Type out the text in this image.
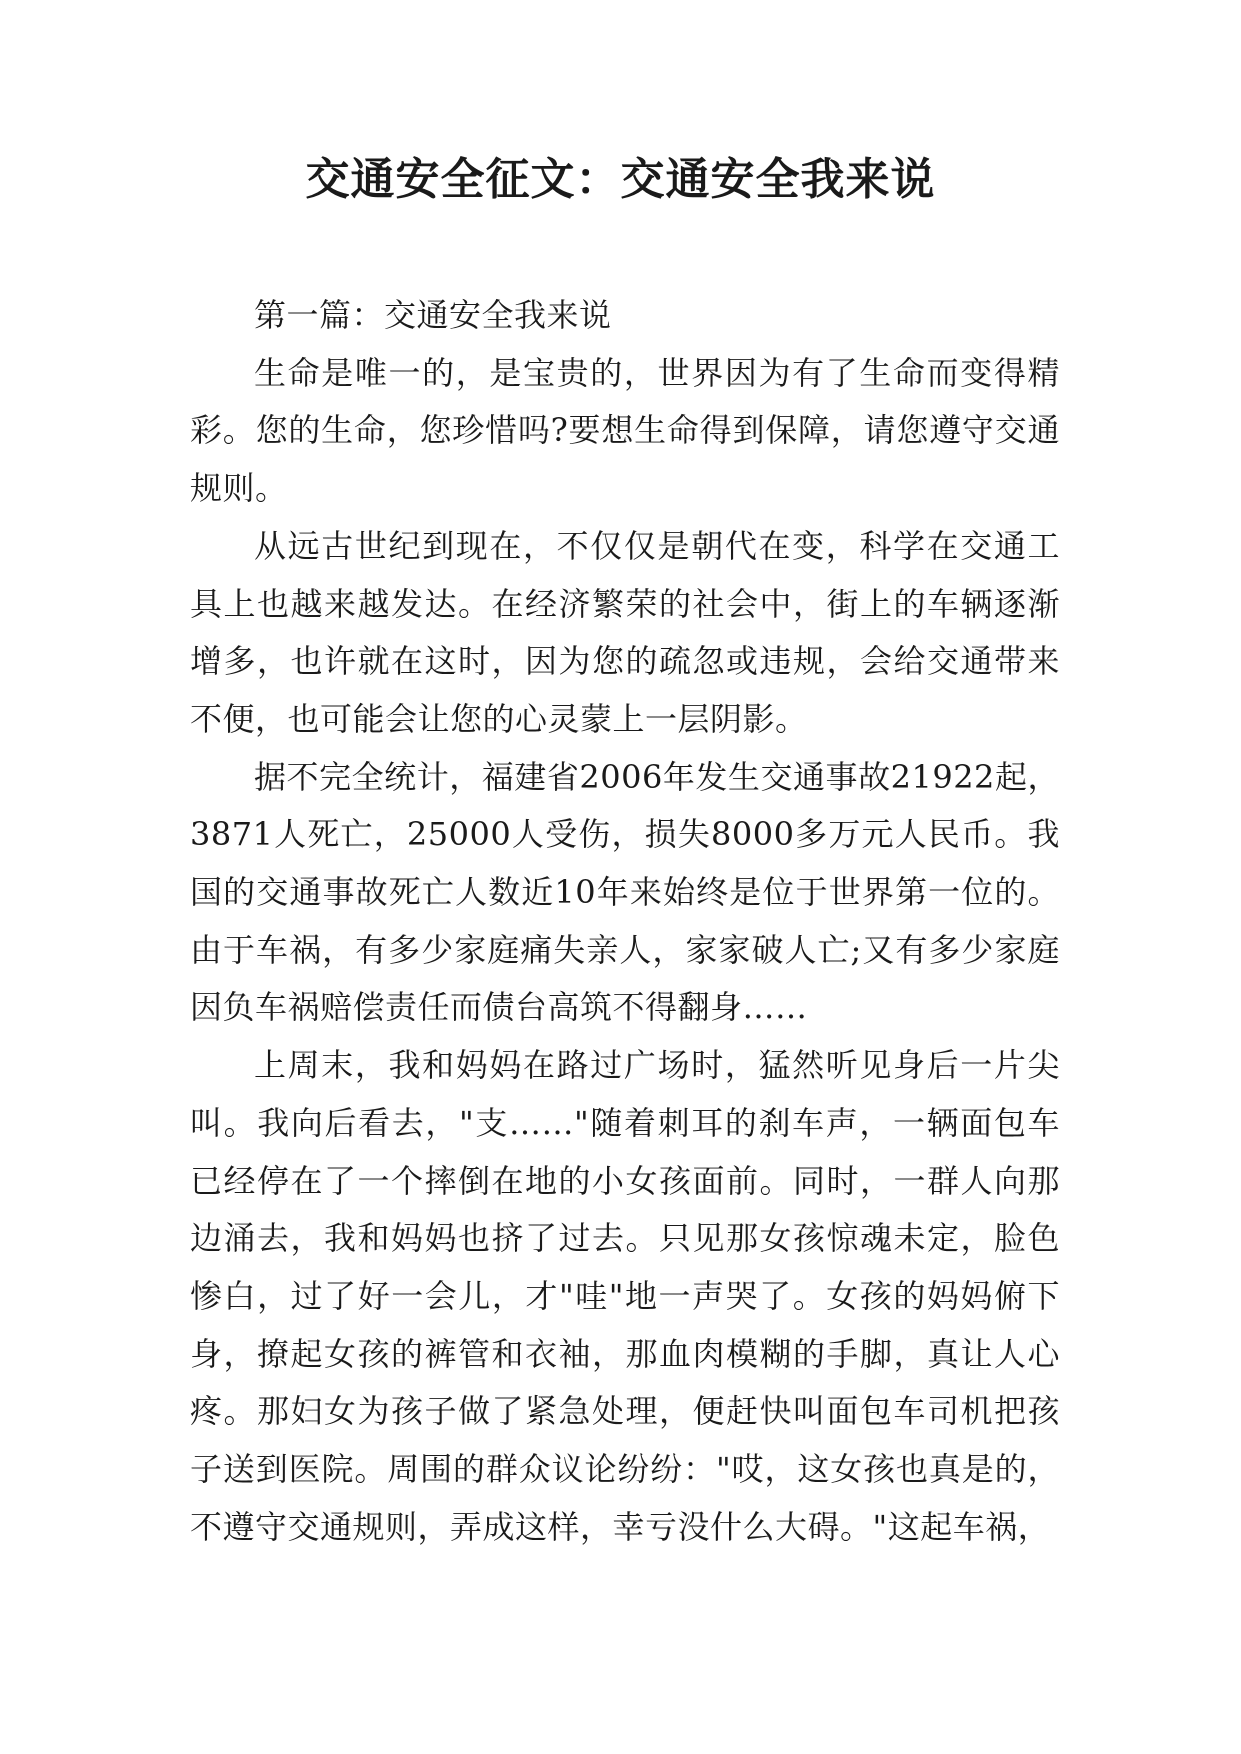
交通安全征文：交通安全我来说

第一篇：交通安全我来说

生命是唯一的，是宝贵的，世界因为有了生命而变得精彩。您的生命，您珍惜吗?要想生命得到保障，请您遵守交通规则。

从远古世纪到现在，不仅仅是朝代在变，科学在交通工具上也越来越发达。在经济繁荣的社会中，街上的车辆逐渐增多，也许就在这时，因为您的疏忽或违规，会给交通带来不便，也可能会让您的心灵蒙上一层阴影。

据不完全统计，福建省2006年发生交通事故21922起，3871人死亡，25000人受伤，损失8000多万元人民币。我国的交通事故死亡人数近10年来始终是位于世界第一位的。由于车祸，有多少家庭痛失亲人，家家破人亡;又有多少家庭因负车祸赔偿责任而债台高筑不得翻身……

上周末，我和妈妈在路过广场时，猛然听见身后一片尖叫。我向后看去，"支……"随着刺耳的刹车声，一辆面包车已经停在了一个摔倒在地的小女孩面前。同时，一群人向那边涌去，我和妈妈也挤了过去。只见那女孩惊魂未定，脸色惨白，过了好一会儿，才"哇"地一声哭了。女孩的妈妈俯下身，撩起女孩的裤管和衣袖，那血肉模糊的手脚，真让人心疼。那妇女为孩子做了紧急处理，便赶快叫面包车司机把孩子送到医院。周围的群众议论纷纷："哎，这女孩也真是的，不遵守交通规则，弄成这样，幸亏没什么大碍。"这起车祸，
